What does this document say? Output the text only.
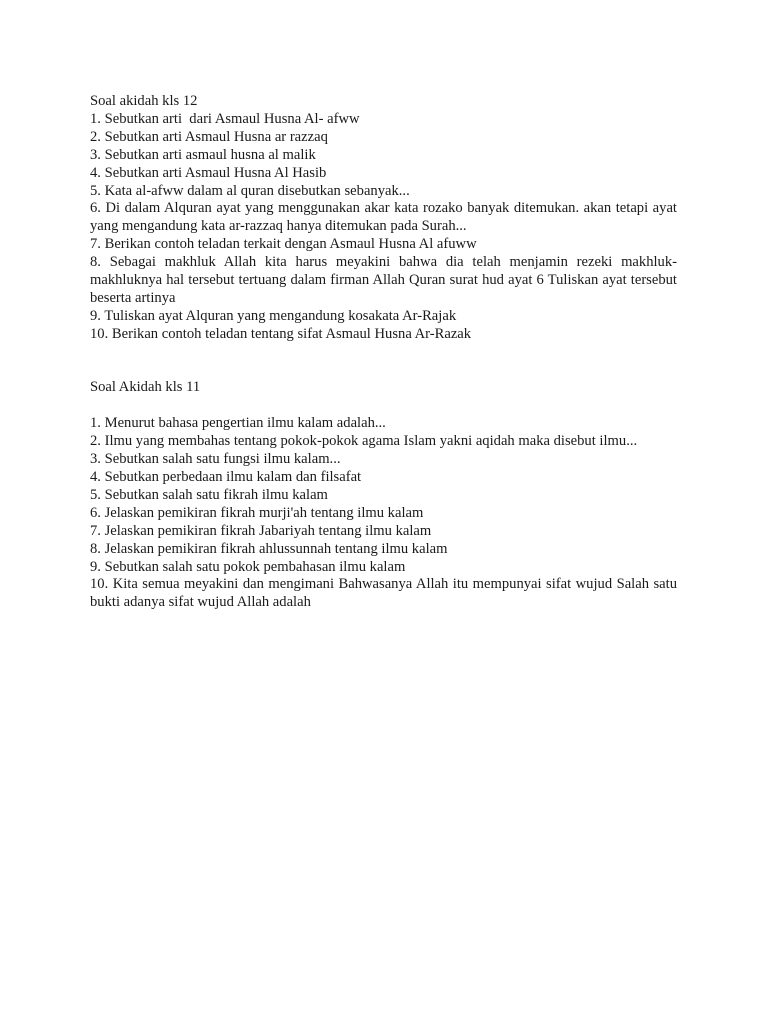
Soal akidah kls 12

1. Sebutkan arti  dari Asmaul Husna Al- afww

2. Sebutkan arti Asmaul Husna ar razzaq

3. Sebutkan arti asmaul husna al malik

4. Sebutkan arti Asmaul Husna Al Hasib

5. Kata al-afww dalam al quran disebutkan sebanyak...

6. Di dalam Alquran ayat yang menggunakan akar kata rozako banyak ditemukan. akan tetapi ayat yang mengandung kata ar-razzaq hanya ditemukan pada Surah...

7. Berikan contoh teladan terkait dengan Asmaul Husna Al afuww

8. Sebagai makhluk Allah kita harus meyakini bahwa dia telah menjamin rezeki makhluk-makhluknya hal tersebut tertuang dalam firman Allah Quran surat hud ayat 6 Tuliskan ayat tersebut beserta artinya

9. Tuliskan ayat Alquran yang mengandung kosakata Ar-Rajak

10. Berikan contoh teladan tentang sifat Asmaul Husna Ar-Razak

Soal Akidah kls 11

1. Menurut bahasa pengertian ilmu kalam adalah...

2. Ilmu yang membahas tentang pokok-pokok agama Islam yakni aqidah maka disebut ilmu...

3. Sebutkan salah satu fungsi ilmu kalam...

4. Sebutkan perbedaan ilmu kalam dan filsafat

5. Sebutkan salah satu fikrah ilmu kalam

6. Jelaskan pemikiran fikrah murji'ah tentang ilmu kalam

7. Jelaskan pemikiran fikrah Jabariyah tentang ilmu kalam

8. Jelaskan pemikiran fikrah ahlussunnah tentang ilmu kalam

9. Sebutkan salah satu pokok pembahasan ilmu kalam

10. Kita semua meyakini dan mengimani Bahwasanya Allah itu mempunyai sifat wujud Salah satu bukti adanya sifat wujud Allah adalah
